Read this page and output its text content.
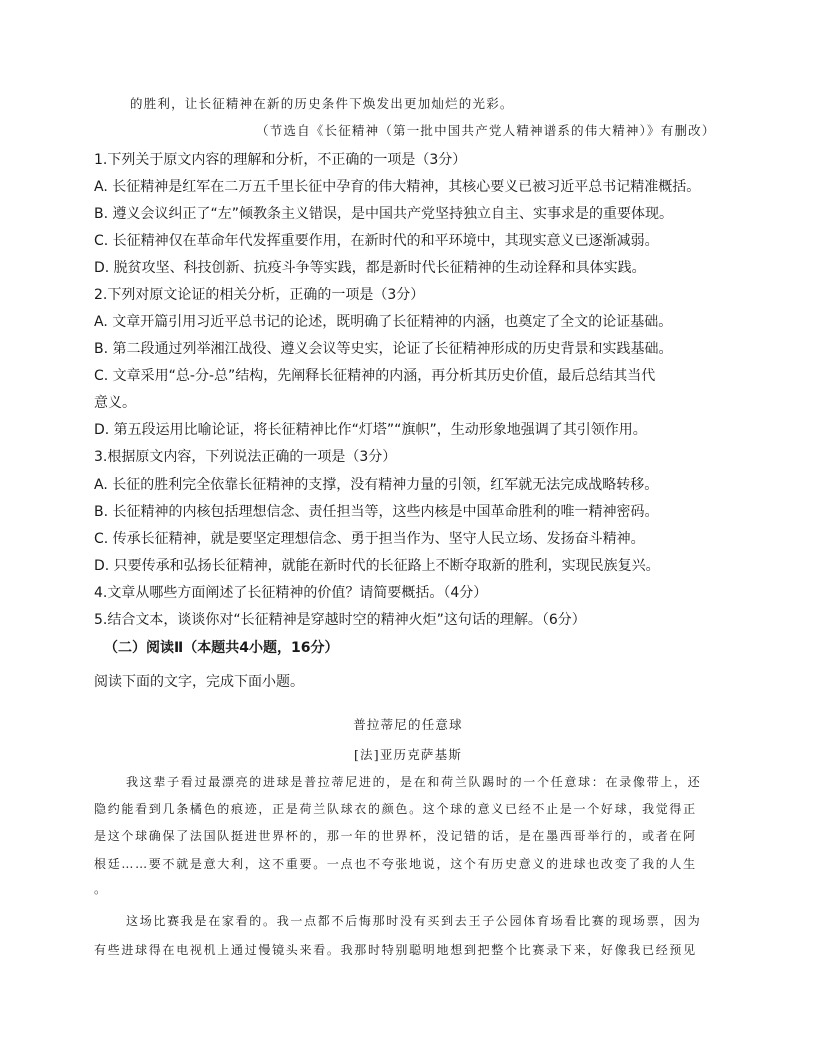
的胜利，让长征精神在新的历史条件下焕发出更加灿烂的光彩。
（节选自《长征精神（第一批中国共产党人精神谱系的伟大精神）》有删改）
1.下列关于原文内容的理解和分析，不正确的一项是（3分）
A. 长征精神是红军在二万五千里长征中孕育的伟大精神，其核心要义已被习近平总书记精准概括。
B. 遵义会议纠正了“左”倾教条主义错误，是中国共产党坚持独立自主、实事求是的重要体现。
C. 长征精神仅在革命年代发挥重要作用，在新时代的和平环境中，其现实意义已逐渐减弱。
D. 脱贫攻坚、科技创新、抗疫斗争等实践，都是新时代长征精神的生动诠释和具体实践。
2.下列对原文论证的相关分析，正确的一项是（3分）
A. 文章开篇引用习近平总书记的论述，既明确了长征精神的内涵，也奠定了全文的论证基础。
B. 第二段通过列举湘江战役、遵义会议等史实，论证了长征精神形成的历史背景和实践基础。
C. 文章采用“总-分-总”结构，先阐释长征精神的内涵，再分析其历史价值，最后总结其当代
意义。
D. 第五段运用比喻论证，将长征精神比作“灯塔”“旗帜”，生动形象地强调了其引领作用。
3.根据原文内容，下列说法正确的一项是（3分）
A. 长征的胜利完全依靠长征精神的支撑，没有精神力量的引领，红军就无法完成战略转移。
B. 长征精神的内核包括理想信念、责任担当等，这些内核是中国革命胜利的唯一精神密码。
C. 传承长征精神，就是要坚定理想信念、勇于担当作为、坚守人民立场、发扬奋斗精神。
D. 只要传承和弘扬长征精神，就能在新时代的长征路上不断夺取新的胜利，实现民族复兴。
4.文章从哪些方面阐述了长征精神的价值？请简要概括。（4分）
5.结合文本，谈谈你对“长征精神是穿越时空的精神火炬”这句话的理解。（6分）
（二）阅读Ⅱ（本题共4小题，16分）
阅读下面的文字，完成下面小题。
普拉蒂尼的任意球
[法]亚历克萨基斯
我这辈子看过最漂亮的进球是普拉蒂尼进的，是在和荷兰队踢时的一个任意球：在录像带上，还
隐约能看到几条橘色的痕迹，正是荷兰队球衣的颜色。这个球的意义已经不止是一个好球，我觉得正
是这个球确保了法国队挺进世界杯的，那一年的世界杯，没记错的话，是在墨西哥举行的，或者在阿
根廷……要不就是意大利，这不重要。一点也不夸张地说，这个有历史意义的进球也改变了我的人生
。
这场比赛我是在家看的。我一点都不后悔那时没有买到去王子公园体育场看比赛的现场票，因为
有些进球得在电视机上通过慢镜头来看。我那时特别聪明地想到把整个比赛录下来，好像我已经预见
